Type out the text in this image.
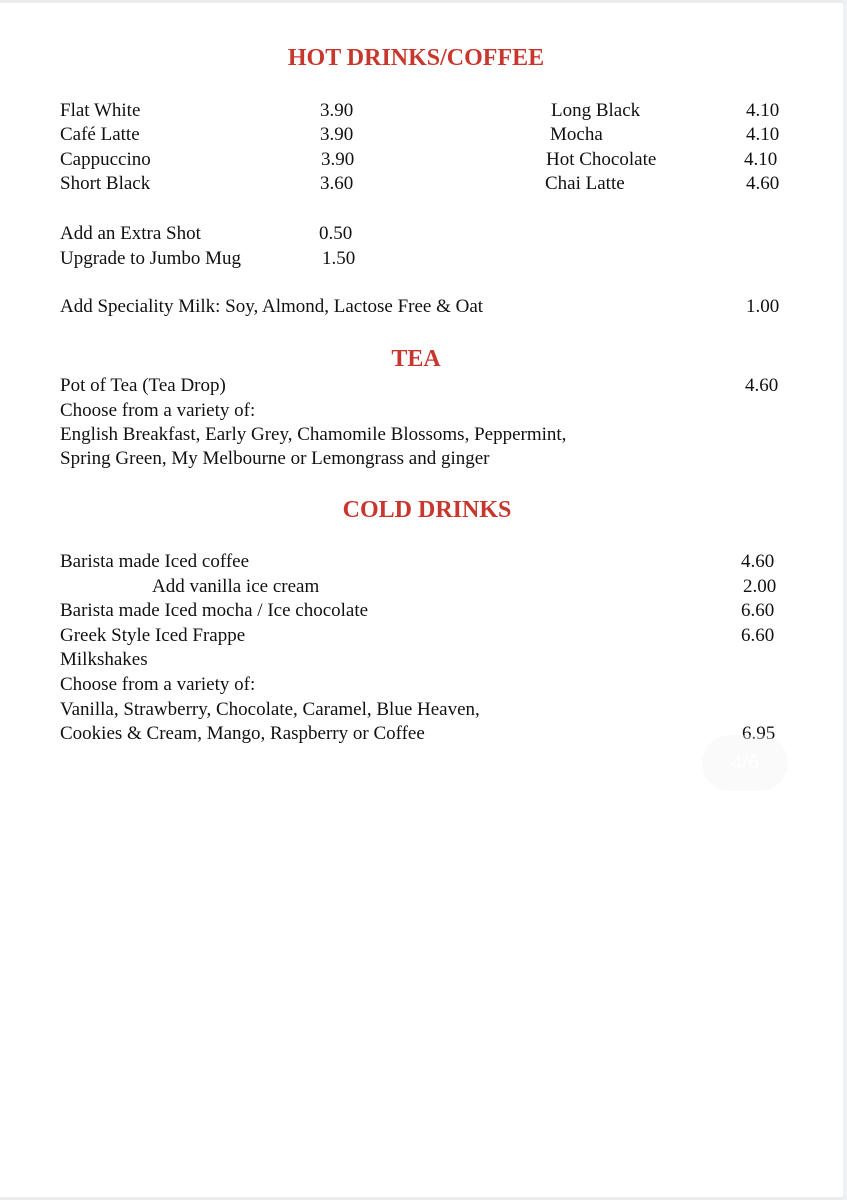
HOT DRINKS/COFFEE
Flat White	3.90
Café Latte	3.90
Cappuccino	3.90
Short Black	3.60
Long Black	4.10
Mocha	4.10
Hot Chocolate	4.10
Chai Latte	4.60
Add an Extra Shot	0.50
Upgrade to Jumbo Mug	1.50
Add Speciality Milk: Soy, Almond, Lactose Free & Oat	1.00
TEA
Pot of Tea (Tea Drop)	4.60
Choose from a variety of:
English Breakfast, Early Grey, Chamomile Blossoms, Peppermint,
Spring Green, My Melbourne or Lemongrass and ginger
COLD DRINKS
Barista made Iced coffee	4.60
Add vanilla ice cream	2.00
Barista made Iced mocha / Ice chocolate	6.60
Greek Style Iced Frappe	6.60
Milkshakes
Choose from a variety of:
Vanilla, Strawberry, Chocolate, Caramel, Blue Heaven,
Cookies & Cream, Mango, Raspberry or Coffee	6.95
4/6
